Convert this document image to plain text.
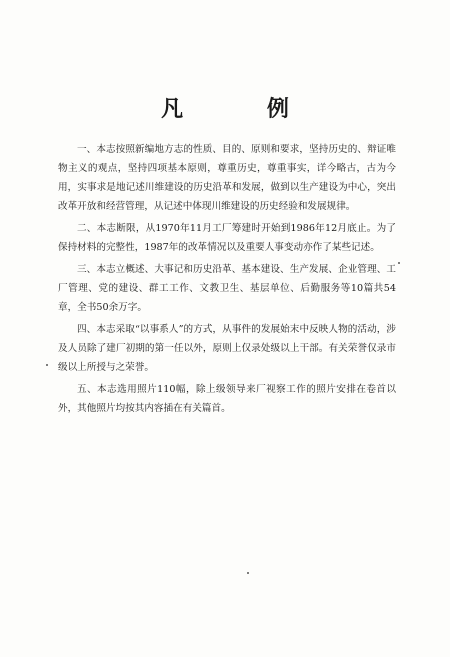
凡 例

一、本志按照新编地方志的性质、目的、原则和要求，坚持历史的、辩证唯物主义的观点，坚持四项基本原则，尊重历史，尊重事实，详今略古，古为今用，实事求是地记述川维建设的历史沿革和发展，做到以生产建设为中心，突出改革开放和经营管理，从记述中体现川维建设的历史经验和发展规律。

二、本志断限，从1970年11月工厂筹建时开始到1986年12月底止。为了保持材料的完整性，1987年的改革情况以及重要人事变动亦作了某些记述。

三、本志立概述、大事记和历史沿革、基本建设、生产发展、企业管理、工厂管理、党的建设、群工工作、文教卫生、基层单位、后勤服务等10篇共54章，全书50余万字。

四、本志采取“以事系人”的方式，从事件的发展始末中反映人物的活动，涉及人员除了建厂初期的第一任以外，原则上仅录处级以上干部。有关荣誉仅录市级以上所授与之荣誉。

五、本志选用照片110幅，除上级领导来厂视察工作的照片安排在卷首以外，其他照片均按其内容插在有关篇首。
